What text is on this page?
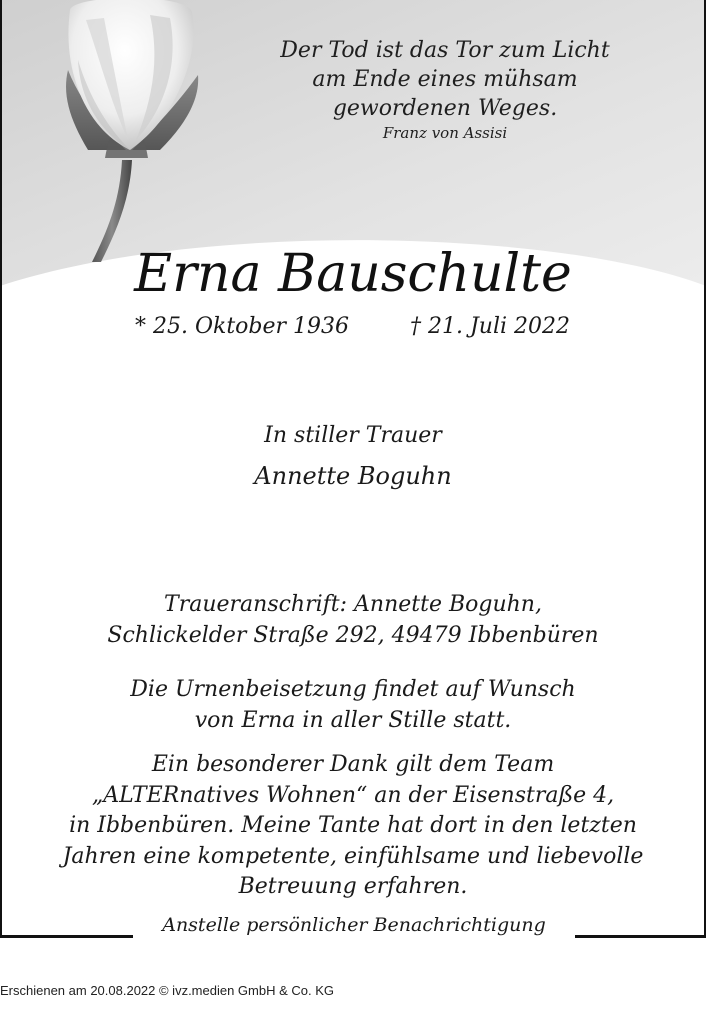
Der Tod ist das Tor zum Licht
am Ende eines mühsam
gewordenen Weges.
Franz von Assisi
Erna Bauschulte
* 25. Oktober 1936	† 21. Juli 2022
In stiller Trauer
Annette Boguhn
Traueranschrift: Annette Boguhn,
Schlickelder Straße 292, 49479 Ibbenbüren
Die Urnenbeisetzung findet auf Wunsch
von Erna in aller Stille statt.
Ein besonderer Dank gilt dem Team
„ALTERnatives Wohnen“ an der Eisenstraße 4,
in Ibbenbüren. Meine Tante hat dort in den letzten
Jahren eine kompetente, einfühlsame und liebevolle
Betreuung erfahren.
Anstelle persönlicher Benachrichtigung
Erschienen am 20.08.2022 © ivz.medien GmbH & Co. KG
